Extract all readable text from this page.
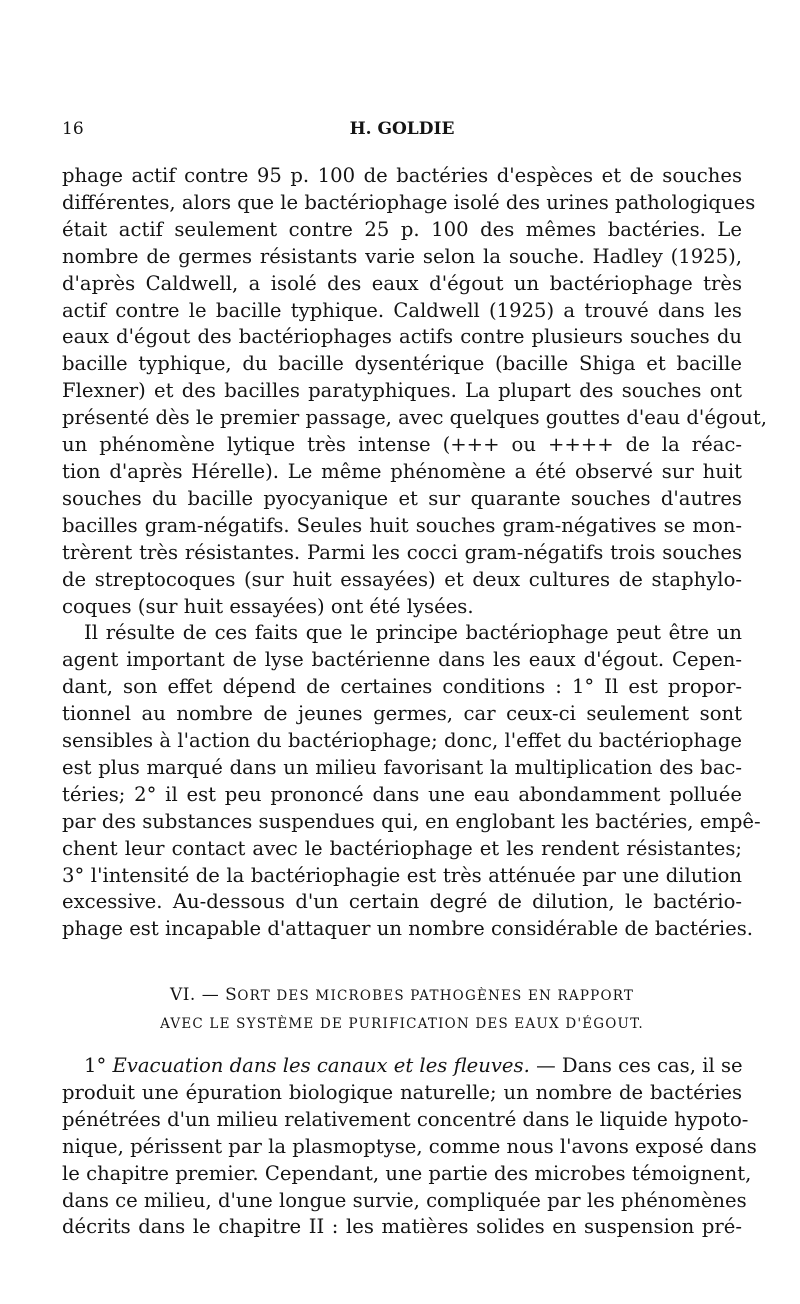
16	H. GOLDIE
phage actif contre 95 p. 100 de bactéries d'espèces et de souches
différentes, alors que le bactériophage isolé des urines pathologiques
était actif seulement contre 25 p. 100 des mêmes bactéries. Le
nombre de germes résistants varie selon la souche. Hadley (1925),
d'après Caldwell, a isolé des eaux d'égout un bactériophage très
actif contre le bacille typhique. Caldwell (1925) a trouvé dans les
eaux d'égout des bactériophages actifs contre plusieurs souches du
bacille typhique, du bacille dysentérique (bacille Shiga et bacille
Flexner) et des bacilles paratyphiques. La plupart des souches ont
présenté dès le premier passage, avec quelques gouttes d'eau d'égout,
un phénomène lytique très intense (+++ ou ++++ de la réac-
tion d'après Hérelle). Le même phénomène a été observé sur huit
souches du bacille pyocyanique et sur quarante souches d'autres
bacilles gram-négatifs. Seules huit souches gram-négatives se mon-
trèrent très résistantes. Parmi les cocci gram-négatifs trois souches
de streptocoques (sur huit essayées) et deux cultures de staphylo-
coques (sur huit essayées) ont été lysées.
Il résulte de ces faits que le principe bactériophage peut être un
agent important de lyse bactérienne dans les eaux d'égout. Cepen-
dant, son effet dépend de certaines conditions : 1° Il est propor-
tionnel au nombre de jeunes germes, car ceux-ci seulement sont
sensibles à l'action du bactériophage; donc, l'effet du bactériophage
est plus marqué dans un milieu favorisant la multiplication des bac-
téries; 2° il est peu prononcé dans une eau abondamment polluée
par des substances suspendues qui, en englobant les bactéries, empê-
chent leur contact avec le bactériophage et les rendent résistantes;
3° l'intensité de la bactériophagie est très atténuée par une dilution
excessive. Au-dessous d'un certain degré de dilution, le bactério-
phage est incapable d'attaquer un nombre considérable de bactéries.
VI. — SORT DES MICROBES PATHOGÈNES EN RAPPORT
AVEC LE SYSTÈME DE PURIFICATION DES EAUX D'ÉGOUT.
1° Evacuation dans les canaux et les fleuves. — Dans ces cas, il se
produit une épuration biologique naturelle; un nombre de bactéries
pénétrées d'un milieu relativement concentré dans le liquide hypoto-
nique, périssent par la plasmoptyse, comme nous l'avons exposé dans
le chapitre premier. Cependant, une partie des microbes témoignent,
dans ce milieu, d'une longue survie, compliquée par les phénomènes
décrits dans le chapitre II : les matières solides en suspension pré-
